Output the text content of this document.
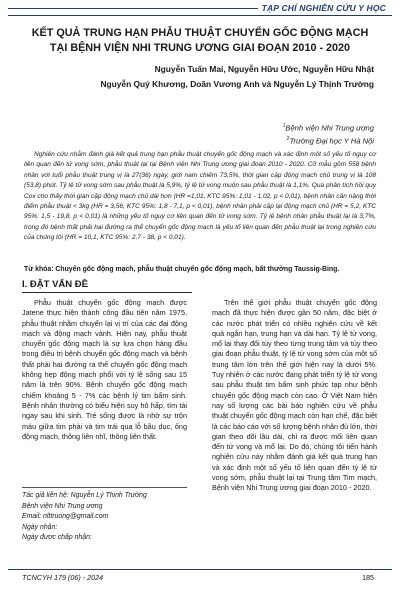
TẠP CHÍ NGHIÊN CỨU Y HỌC
KẾT QUẢ TRUNG HẠN PHẪU THUẬT CHUYỂN GỐC ĐỘNG MẠCH
TẠI BỆNH VIỆN NHI TRUNG ƯƠNG GIAI ĐOẠN 2010 - 2020
Nguyễn Tuấn Mai, Nguyễn Hữu Ước, Nguyễn Hữu Nhật
Nguyễn Quý Khương, Doãn Vương Anh và Nguyễn Lý Thịnh Trường
$^1$Bệnh viện Nhi Trung ương
$^2$Trường Đại học Y Hà Nội
Nghiên cứu nhằm đánh giá kết quả trung hạn phẫu thuật chuyển gốc động mạch và xác định một số yếu tố nguy cơ liên quan đến tử vong sớm, phẫu thuật lại tại Bệnh viện Nhi Trung ương giai đoạn 2010 - 2020. Cỡ mẫu gồm 558 bệnh nhân với tuổi phẫu thuật trung vị là 27(36) ngày, giới nam chiếm 73,5%, thời gian cặp động mạch chủ trung vị là 108 (53,8) phút. Tỷ lệ tử vong sớm sau phẫu thuật là 5,9%, tỷ lệ tử vong muộn sau phẫu thuật là 1,1%. Qua phân tích hồi quy Cox cho thấy thời gian cặp động mạch chủ dài hơn (HR =1,01, KTC 95%: 1,01 - 1,02, p < 0,01), bệnh nhân cân nặng thời điểm phẫu thuật < 3kg (HR = 3,56, KTC 95%: 1,8 - 7,1, p < 0,01), bệnh nhân phải cặp lại động mạch chủ (HR = 5,2, KTC 95%: 1,5 - 19,8, p < 0,01) là những yếu tố nguy cơ liên quan đến tử vong sớm. Tỷ lệ bệnh nhân phẫu thuật lại là 3,7%, trong đó bệnh thất phải hai đường ra thể chuyển gốc động mạch là yếu tố liên quan đến phẫu thuật lại trong nghiên cứu của chúng tôi (HR = 10,1, KTC 95%: 2,7 - 38, p < 0,01).
Từ khóa: Chuyển gốc động mạch, phẫu thuật chuyển gốc động mạch, bất thường Taussig-Bing.
I. ĐẶT VẤN ĐỀ

Phẫu thuật chuyển gốc động mạch được Jatene thực hiện thành công đầu tiên năm 1975, phẫu thuật nhằm chuyển lại vị trí của các đại động mạch và động mạch vành. Hiện nay, phẫu thuật chuyển gốc động mạch là sự lựa chọn hàng đầu trong điều trị bệnh chuyển gốc động mạch và bệnh thất phải hai đường ra thể chuyển gốc động mạch không hẹp động mạch phổi với tỷ lệ sống sau 15 năm là trên 90%. Bệnh chuyển gốc động mạch chiếm khoảng 5 - 7% các bệnh lý tim bẩm sinh. Bệnh nhân thường có biểu hiện suy hô hấp, tím tái ngay sau khi sinh. Trẻ sống được là nhờ sự trộn máu giữa tim phải và tim trái qua lỗ bầu dục, ống động mạch, thông liên nhĩ, thông liên thất.

Trên thế giới phẫu thuật chuyển gốc động mạch đã thực hiện được gần 50 năm, đặc biệt ở các nước phát triển có nhiều nghiên cứu về kết quả ngắn hạn, trung hạn và dài hạn. Tỷ lệ tử vong, mổ lại thay đổi tùy theo từng trung tâm và tùy theo giai đoạn phẫu thuật, tỷ lệ tử vong sớm của một số trung tâm lớn trên thế giới hiện nay là dưới 5%. Tuy nhiên ở các nước đang phát triển tỷ lệ tử vong sau phẫu thuật tim bẩm sinh phức tạp như bệnh chuyển gốc động mạch còn cao. Ở Việt Nam hiện nay số lượng các bài báo nghiên cứu về phẫu thuật chuyển gốc động mạch còn hạn chế, đặc biệt là các báo cáo với số lượng bệnh nhân đủ lớn, thời gian theo dõi lâu dài, chỉ ra được mối liên quan đến tử vong và mổ lại. Do đó, chúng tôi tiến hành nghiên cứu này nhằm đánh giá kết quả trung hạn và xác định một số yếu tố liên quan đến tỷ lệ tử vong sớm, phẫu thuật lại tại Trung tâm Tim mạch, Bệnh viện Nhi Trung ương giai đoạn 2010 - 2020.

Tác giả liên hệ: Nguyễn Lý Thịnh Trường
Bệnh viện Nhi Trung ương
Email: nlttruong@gmail.com
Ngày nhận:
Ngày được chấp nhận:
TCNCYH 179 (06) - 2024	185
